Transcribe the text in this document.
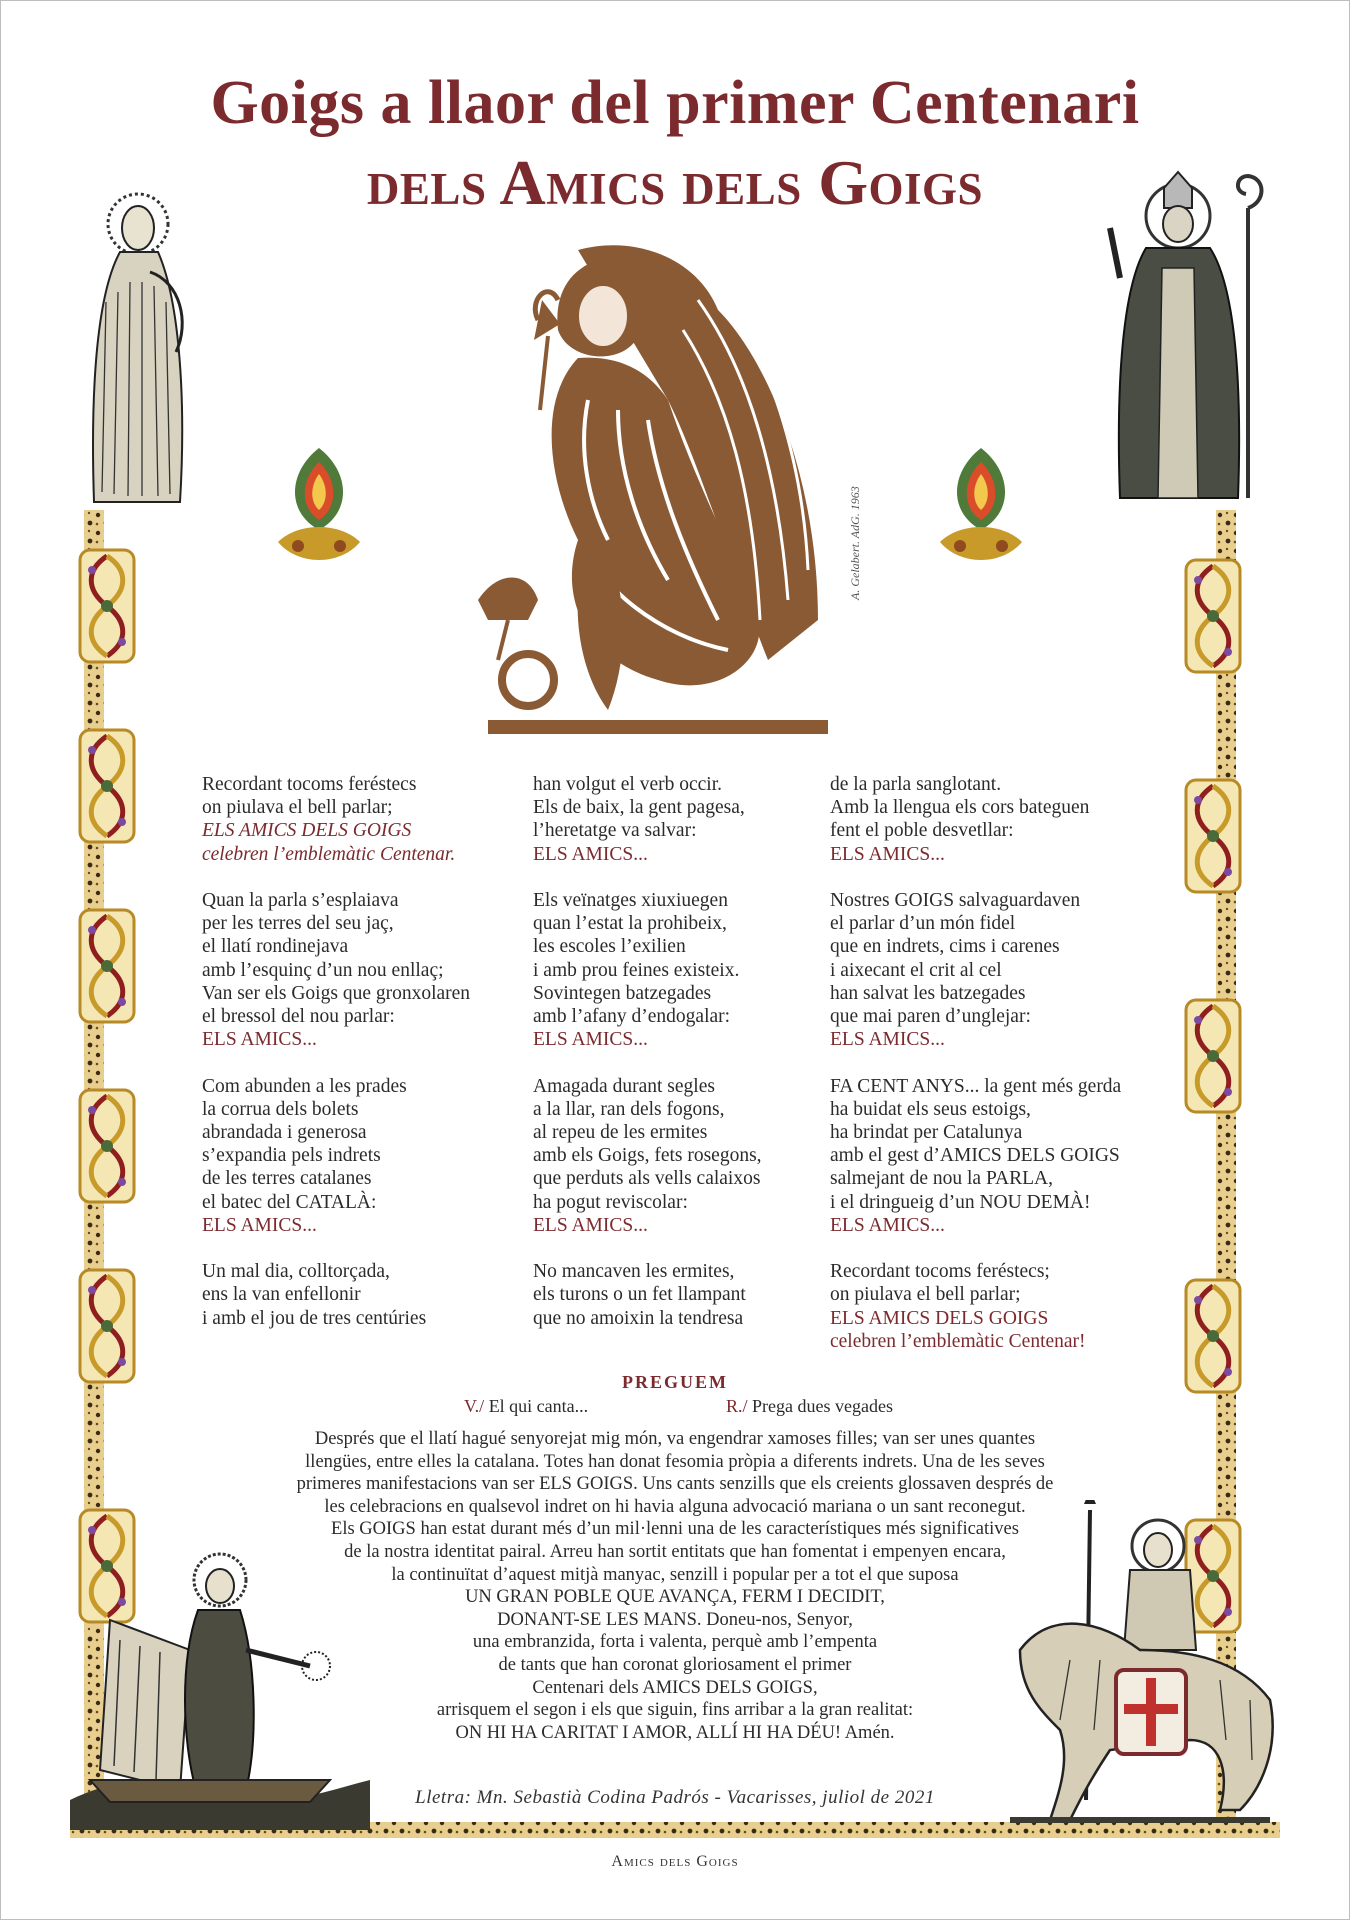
Goigs a llaor del primer Centenari
dels Amics dels Goigs
A. Gelabert. AdG. 1963
Recordant tocoms feréstecs
on piulava el bell parlar;
ELS AMICS DELS GOIGS
celebren l’emblemàtic Centenar.
Quan la parla s’esplaiava
per les terres del seu jaç,
el llatí rondinejava
amb l’esquinç d’un nou enllaç;
Van ser els Goigs que gronxolaren
el bressol del nou parlar:
ELS AMICS...
Com abunden a les prades
la corrua dels bolets
abrandada i generosa
s’expandia pels indrets
de les terres catalanes
el batec del CATALÀ:
ELS AMICS...
Un mal dia, colltorçada,
ens la van enfellonir
i amb el jou de tres centúries
han volgut el verb occir.
Els de baix, la gent pagesa,
l’heretatge va salvar:
ELS AMICS...
Els veïnatges xiuxiuegen
quan l’estat la prohibeix,
les escoles l’exilien
i amb prou feines existeix.
Sovintegen batzegades
amb l’afany d’endogalar:
ELS AMICS...
Amagada durant segles
a la llar, ran dels fogons,
al repeu de les ermites
amb els Goigs, fets rosegons,
que perduts als vells calaixos
ha pogut reviscolar:
ELS AMICS...
No mancaven les ermites,
els turons o un fet llampant
que no amoixin la tendresa
de la parla sanglotant.
Amb la llengua els cors bateguen
fent el poble desvetllar:
ELS AMICS...
Nostres GOIGS salvaguardaven
el parlar d’un món fidel
que en indrets, cims i carenes
i aixecant el crit al cel
han salvat les batzegades
que mai paren d’unglejar:
ELS AMICS...
FA CENT ANYS... la gent més gerda
ha buidat els seus estoigs,
ha brindat per Catalunya
amb el gest d’AMICS DELS GOIGS
salmejant de nou la PARLA,
i el dringueig d’un NOU DEMÀ!
ELS AMICS...
Recordant tocoms feréstecs;
on piulava el bell parlar;
ELS AMICS DELS GOIGS
celebren l’emblemàtic Centenar!
PREGUEM
V./ El qui canta...	R./ Prega dues vegades
Després que el llatí hagué senyorejat mig món, va engendrar xamoses filles; van ser unes quantes
llengües, entre elles la catalana. Totes han donat fesomia pròpia a diferents indrets. Una de les seves
primeres manifestacions van ser ELS GOIGS. Uns cants senzills que els creients glossaven després de
les celebracions en qualsevol indret on hi havia alguna advocació mariana o un sant reconegut.
Els GOIGS han estat durant més d’un mil·lenni una de les característiques més significatives
de la nostra identitat pairal. Arreu han sortit entitats que han fomentat i empenyen encara,
la continuïtat d’aquest mitjà manyac, senzill i popular per a tot el que suposa
UN GRAN POBLE QUE AVANÇA, FERM I DECIDIT,
DONANT-SE LES MANS. Doneu-nos, Senyor,
una embranzida, forta i valenta, perquè amb l’empenta
de tants que han coronat gloriosament el primer
Centenari dels AMICS DELS GOIGS,
arrisquem el segon i els que siguin, fins arribar a la gran realitat:
ON HI HA CARITAT I AMOR, ALLÍ HI HA DÉU! Amén.
Lletra: Mn. Sebastià Codina Padrós - Vacarisses, juliol de 2021
Amics dels Goigs
